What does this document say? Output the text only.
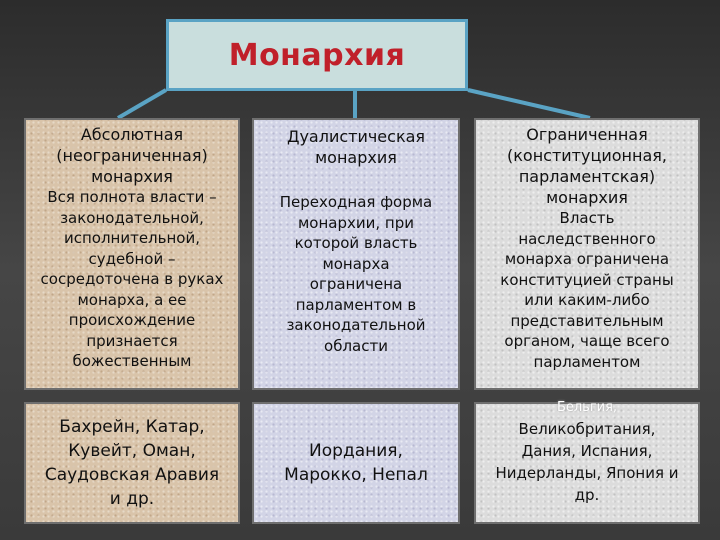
Монархия
Абсолютная
(неограниченная)
монархия
Вся полнота власти –
законодательной,
исполнительной,
судебной –
сосредоточена в руках
монарха, а ее
происхождение
признается
божественным
Бахрейн, Катар,
Кувейт, Оман,
Саудовская Аравия
и др.
Дуалистическая
монархия
Переходная форма
монархии, при
которой власть
монарха
ограничена
парламентом в
законодательной
области
Иордания,
Марокко, Непал
Ограниченная
(конституционная,
парламентская)
монархия
Власть
наследственного
монарха ограничена
конституцией страны
или каким-либо
представительным
органом, чаще всего
парламентом
Бельгия,
Великобритания,
Дания, Испания,
Нидерланды, Япония и
др.
